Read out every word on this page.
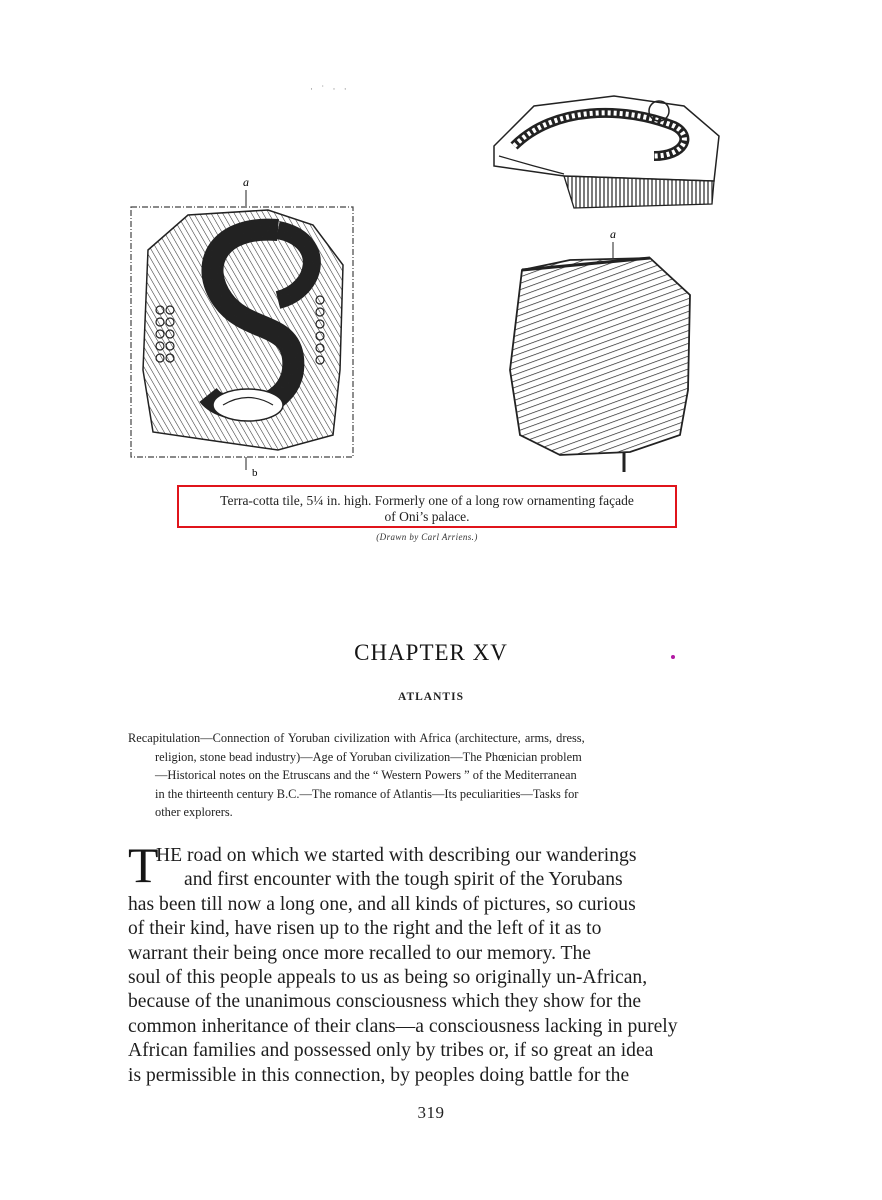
· ˙ · ·
a
b
a
Terra-cotta tile, 5¼ in. high. Formerly one of a long row ornamenting façade
of Oni’s palace.
(Drawn by Carl Arriens.)
CHAPTER XV
ATLANTIS
Recapitulation—Connection of Yoruban civilization with Africa (architecture, arms, dress,
religion, stone bead industry)—Age of Yoruban civilization—The Phœnician problem
—Historical notes on the Etruscans and the “ Western Powers ” of the Mediterranean
in the thirteenth century B.C.—The romance of Atlantis—Its peculiarities—Tasks for
other explorers.
T
HE road on which we started with describing our wanderings
and first encounter with the tough spirit of the Yorubans
has been till now a long one, and all kinds of pictures, so curious
of their kind, have risen up to the right and the left of it as to
warrant their being once more recalled to our memory. The
soul of this people appeals to us as being so originally un-African,
because of the unanimous consciousness which they show for the
common inheritance of their clans—a consciousness lacking in purely
African families and possessed only by tribes or, if so great an idea
is permissible in this connection, by peoples doing battle for the
319
